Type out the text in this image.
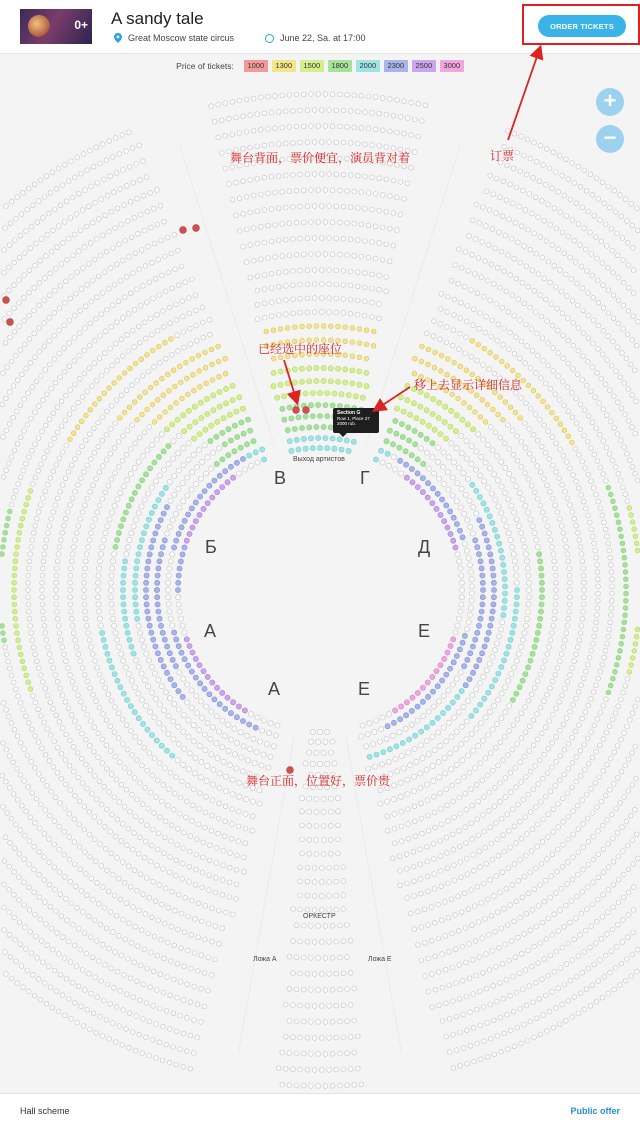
0+ A sandy tale
Great Moscow state circus	June 22, Sa. at 17:00
ORDER TICKETS
Price of tickets:	1000	1300	1500	1800	2000	2300	2500	3000
В	Г
Б	Д
А	Е
А	Е
Выход артистов
ОРКЕСТР
Ложа А	Ложа Е
+
−
Section G
Row 1, Place 37
2000 rub.
舞台背面，票价便宜，演员背对着	订票
已经选中的座位
移上去显示详细信息
舞台正面，位置好，票价贵
Hall scheme	Public offer
